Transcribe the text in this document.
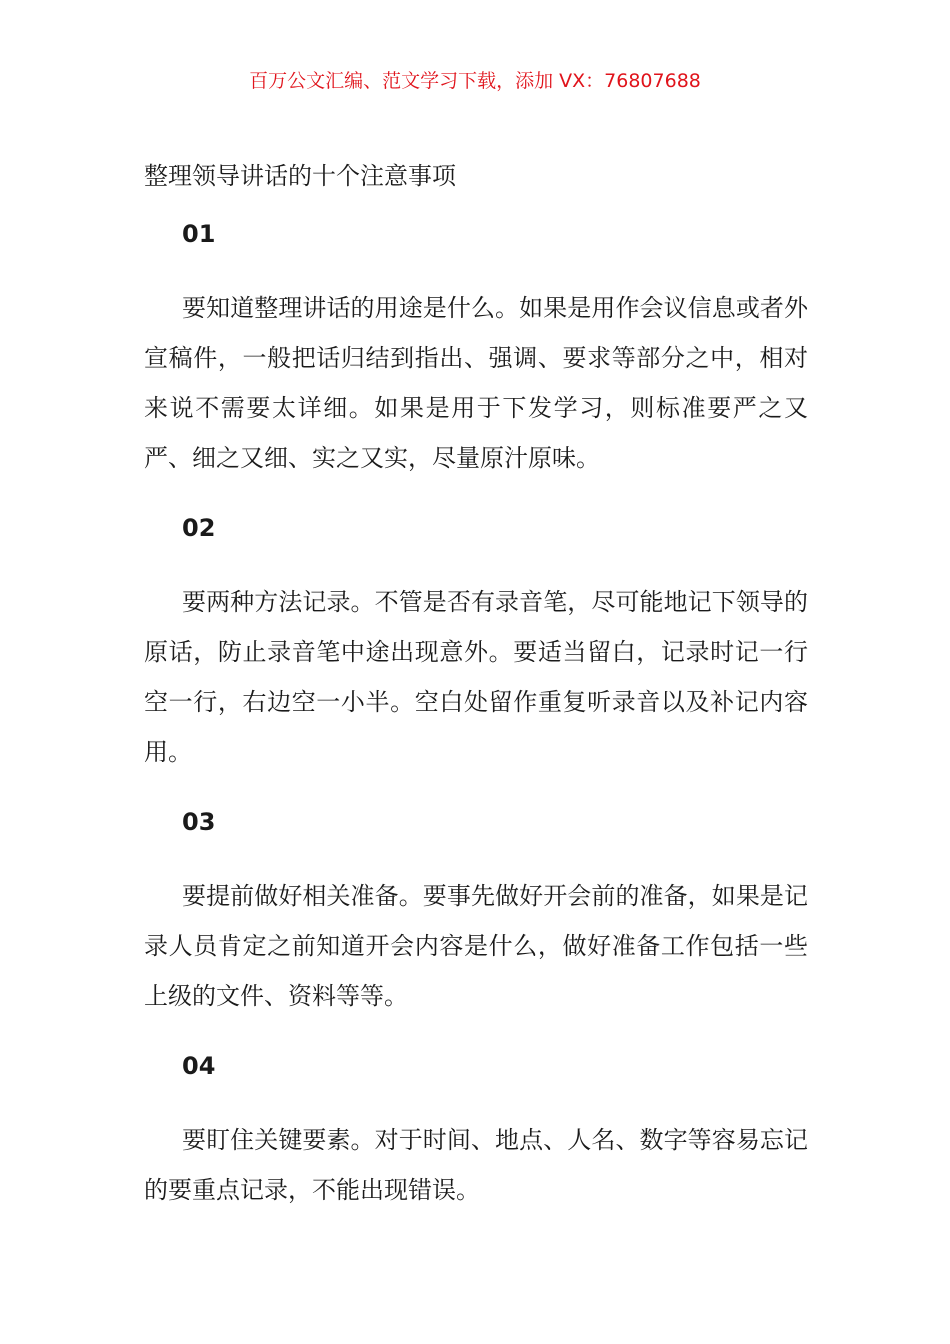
百万公文汇编、范文学习下载，添加 VX：76807688
整理领导讲话的十个注意事项
01
要知道整理讲话的用途是什么。如果是用作会议信息或者外宣稿件，一般把话归结到指出、强调、要求等部分之中，相对来说不需要太详细。如果是用于下发学习，则标准要严之又严、细之又细、实之又实，尽量原汁原味。
02
要两种方法记录。不管是否有录音笔，尽可能地记下领导的原话，防止录音笔中途出现意外。要适当留白，记录时记一行空一行，右边空一小半。空白处留作重复听录音以及补记内容用。
03
要提前做好相关准备。要事先做好开会前的准备，如果是记录人员肯定之前知道开会内容是什么，做好准备工作包括一些上级的文件、资料等等。
04
要盯住关键要素。对于时间、地点、人名、数字等容易忘记的要重点记录，不能出现错误。
